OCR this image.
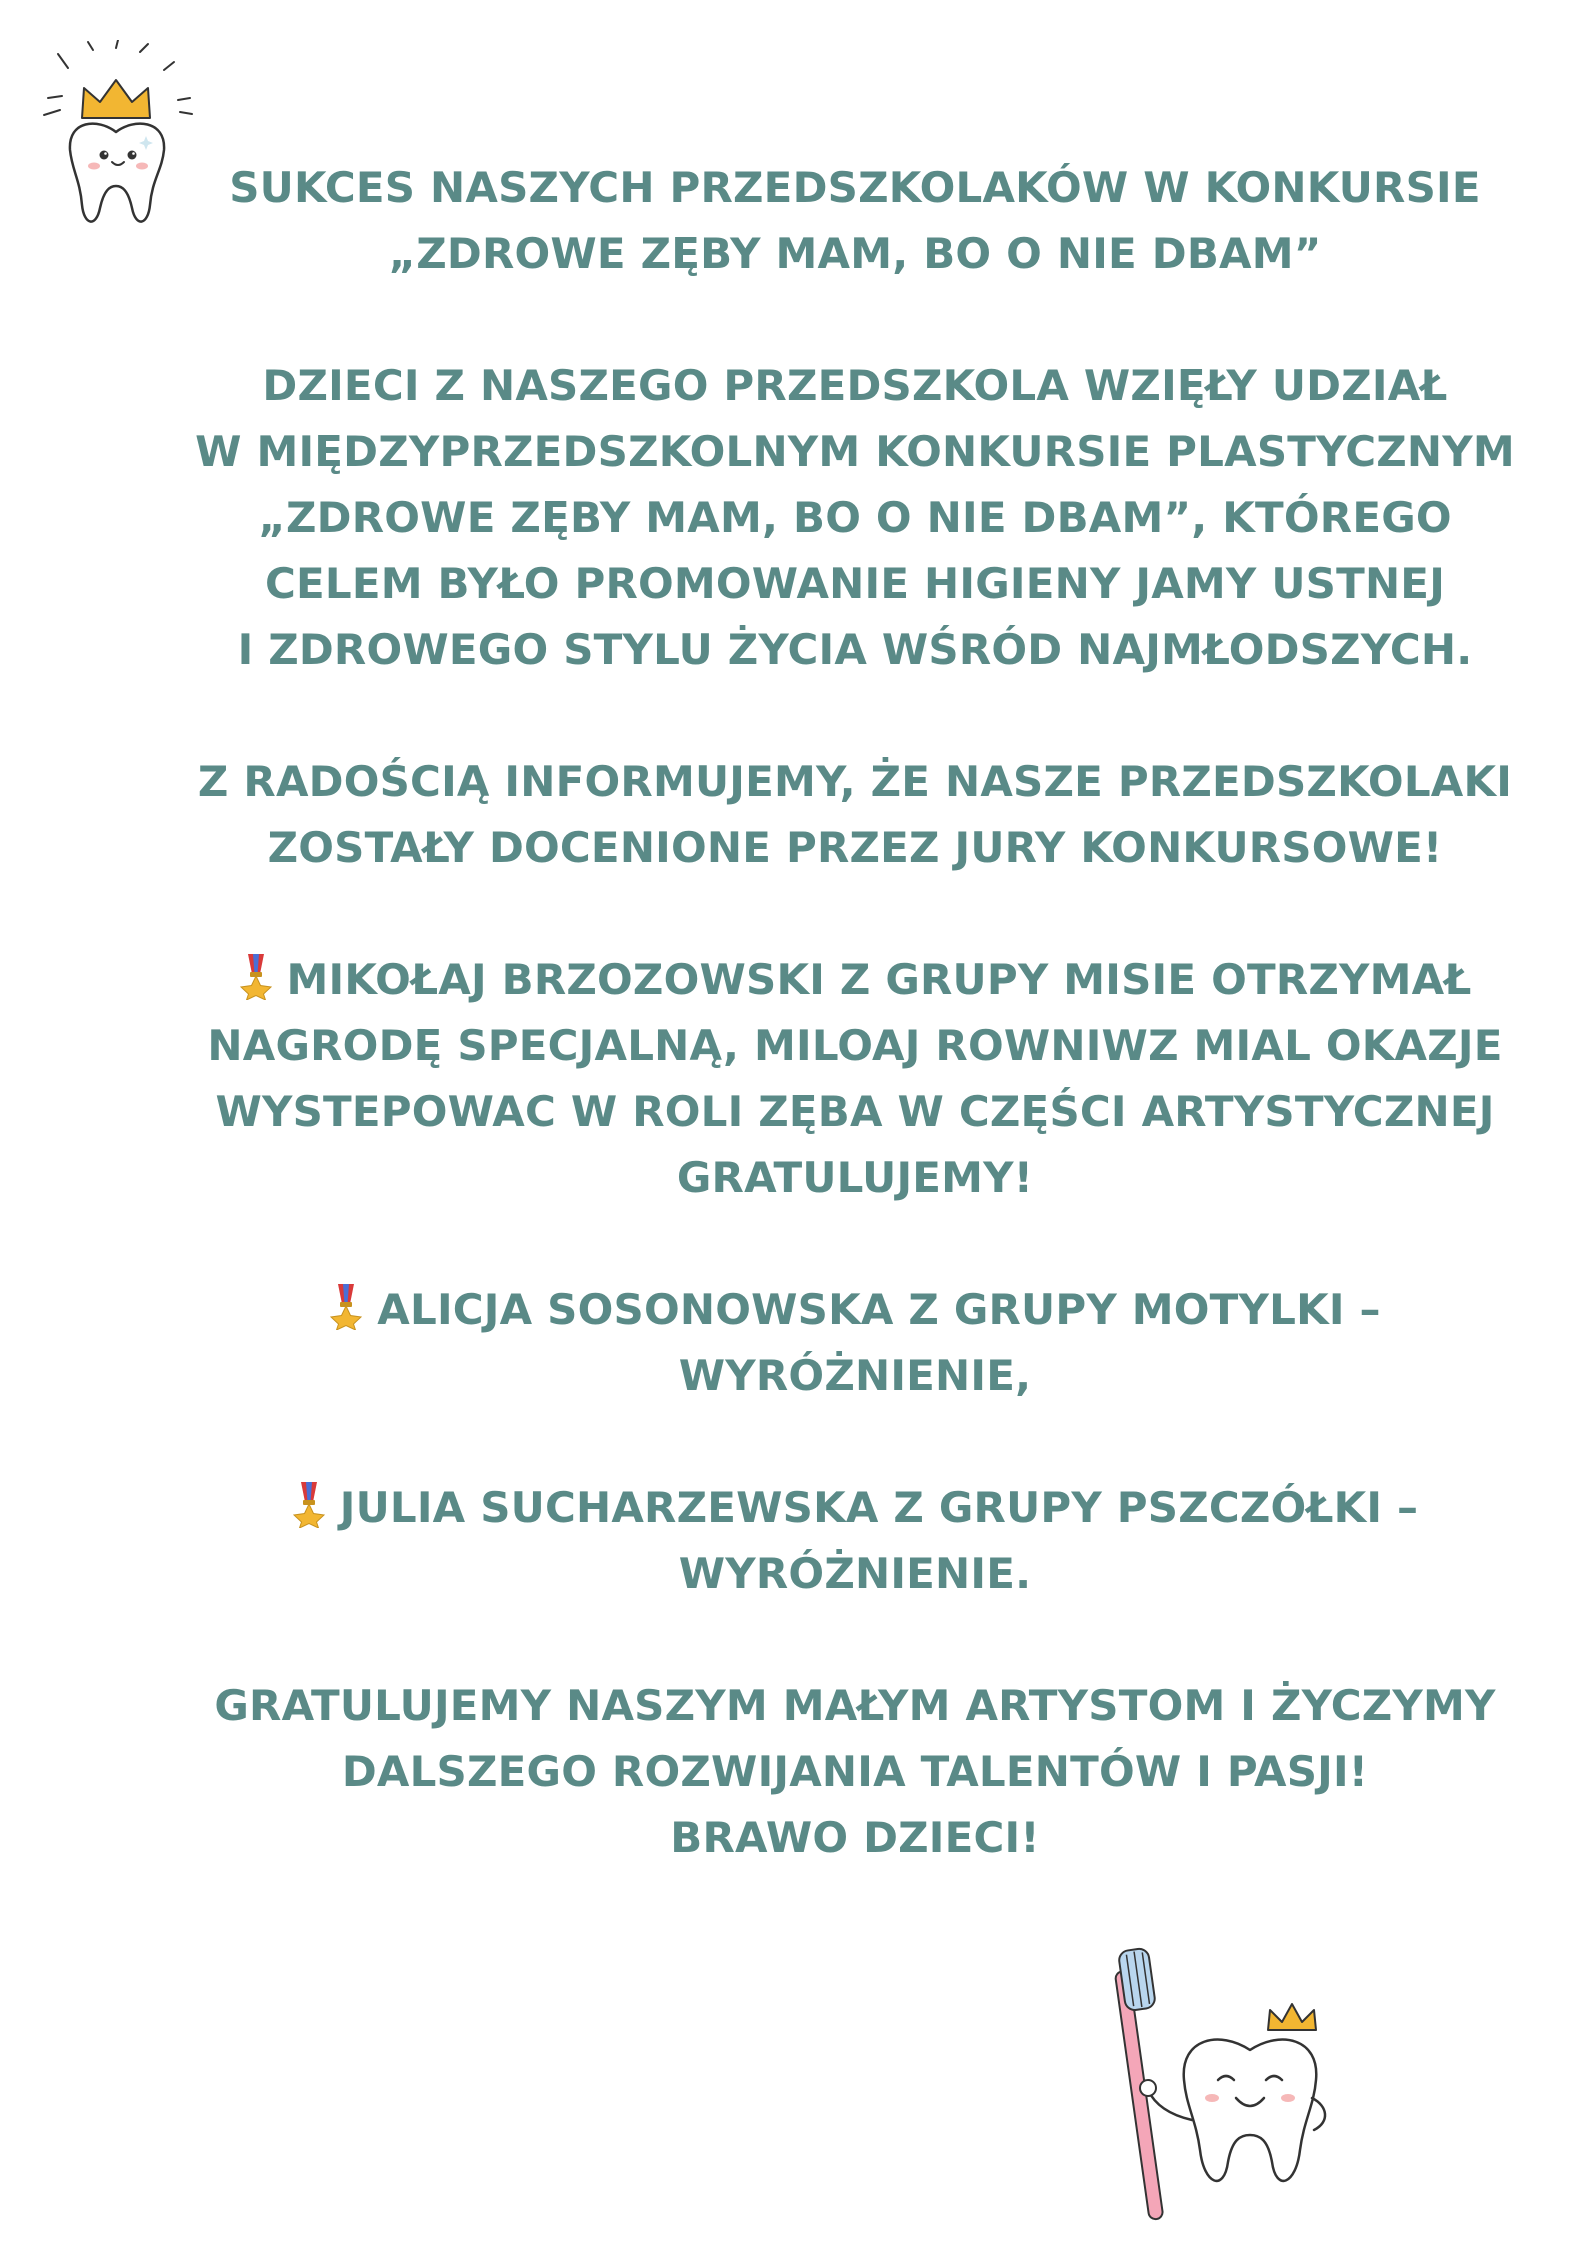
SUKCES NASZYCH PRZEDSZKOLAKÓW W KONKURSIE
„ZDROWE ZĘBY MAM, BO O NIE DBAM”
DZIECI Z NASZEGO PRZEDSZKOLA WZIĘŁY UDZIAŁ
W MIĘDZYPRZEDSZKOLNYM KONKURSIE PLASTYCZNYM
„ZDROWE ZĘBY MAM, BO O NIE DBAM”, KTÓREGO
CELEM BYŁO PROMOWANIE HIGIENY JAMY USTNEJ
I ZDROWEGO STYLU ŻYCIA WŚRÓD NAJMŁODSZYCH.
Z RADOŚCIĄ INFORMUJEMY, ŻE NASZE PRZEDSZKOLAKI
ZOSTAŁY DOCENIONE PRZEZ JURY KONKURSOWE!
MIKOŁAJ BRZOZOWSKI Z GRUPY MISIE OTRZYMAŁ
NAGRODĘ SPECJALNĄ, MILOAJ ROWNIWZ MIAL OKAZJE
WYSTEPOWAC W ROLI ZĘBA W CZĘŚCI ARTYSTYCZNEJ
GRATULUJEMY!
ALICJA SOSONOWSKA Z GRUPY MOTYLKI –
WYRÓŻNIENIE,
JULIA SUCHARZEWSKA Z GRUPY PSZCZÓŁKI –
WYRÓŻNIENIE.
GRATULUJEMY NASZYM MAŁYM ARTYSTOM I ŻYCZYMY
DALSZEGO ROZWIJANIA TALENTÓW I PASJI!
BRAWO DZIECI!
